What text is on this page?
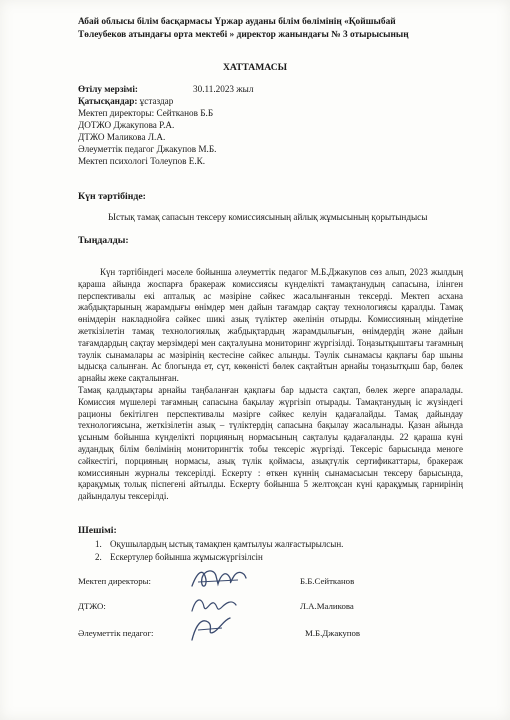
Абай облысы білім басқармасы Үржар ауданы білім бөлімінің «Қойшыбай
Төлеубеков атындағы орта мектебі » директор жанындағы № 3 отырысының
ХАТТАМАСЫ
Өтілу мерзімі:	30.11.2023 жыл
Қатысқандар: ұстаздар
Мектеп директоры: Сейтканов Б.Б
ДОТЖО Джакупова Р.А.
ДТЖО Маликова Л.А.
Әлеуметтік педагог Джакупов М.Б.
Мектеп психологі Толеупов Е.К.
Күн тәртібінде:
Ыстық тамақ сапасын тексеру комиссиясының айлық жұмысының қорытындысы
Тыңдалды:

Күн тәртібіндегі мәселе бойынша әлеуметтік педагог М.Б.Джакупов сөз алып, 2023 жылдың қараша айында жоспарға бракераж комиссиясы күнделікті тамақтанудың сапасына, ілінген перспективалы екі апталық ас мәзіріне сәйкес жасалынғанын тексерді. Мектеп асхана жабдықтарының жарамдығы өнімдер мен дайын тағамдар сақтау технологиясы қаралды. Тамақ өнімдерін накладнойға сәйкес шикі азық түліктер әкелінін отырды. Комиссияның міндетіне жеткізілетін тамақ технологиялық жабдықтардың жарамдылығын, өнімдердің және дайын тағамдардың сақтау мерзімдері мен сақталуына мониторинг жүргізілді. Тоңазытқыштағы тағамның тәулік сынамалары ас мәзірінің кестесіне сәйкес алынды. Тәулік сынамасы қақпағы бар шыны ыдысқа салынған. Ас блогында ет, сүт, көкөністі бөлек сақтайтын арнайы тоңазытқыш бар, бөлек арнайы жеке сақталынған.

Тамақ қалдықтары арнайы таңбаланған қақпағы бар ыдыста сақтап, бөлек жерге апаралады. Комиссия мүшелері тағамның сапасына бақылау жүргізіп отырады. Тамақтанудың іс жүзіндегі рационы бекітілген перспективалы мәзірге сәйкес келуін қадағалайды. Тамақ дайындау технологиясына, жеткізілетін азық – түліктердің сапасына бақылау жасалынады. Қазан айында ұсыным бойынша күнделікті порцияның нормасының сақталуы қадағаланды. 22 қараша күні аудандық білім бөлімінің мониторингтік тобы тексеріс жүргізді. Тексеріс барысында меноге сәйкестігі, порцияның нормасы, азық түлік қоймасы, азықтүлік сертификаттары, бракераж комиссиянын журналы тексерілді. Ескерту : өткен күннің сынамасысын тексеру барысында, қарақұмық толық піспегені айтылды. Ескерту бойынша 5 желтоқсан күні қарақұмық гарнирінің дайындалуы тексерілді.

Шешімі:
1. Оқушылардың ыстық тамақпен қамтылуы жалғастырылсын.
2. Ескертулер бойынша жұмысжүргізілсін
Мектеп директоры:	Б.Б.Сейтканов
ДТЖО:	Л.А.Маликова
Әлеуметтік педагог:	М.Б.Джакупов
